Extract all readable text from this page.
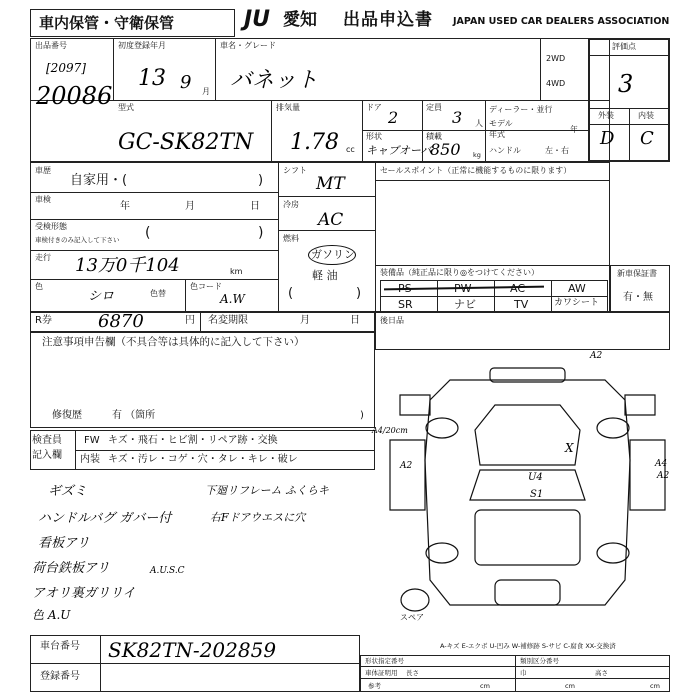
車内保管・守衛保管	JU 愛知 出品申込書 JAPAN USED CAR DEALERS ASSOCIATION
出品番号
[2097]
20086
初度登録年月
13 9 月
車名・グレード
バネット
2WD
4WD
評価点
3
外装	内装
D C
型式
GC-SK82TN
排気量
1.78 cc
ドア
2
定員
3 人
形状
キャブオーバ
積載
850 kg
ディーラー・並行
モデル
年式
年
ハンドル	左・右
車歴
自家用・(	)
車検
年	月	日
受検形態
車検付きのみ記入して下さい (	)
走行 13万0千104	km
色
シロ	色替
色コード
A.W
シフト
MT
冷房
AC
燃料
ガソリン
軽 油
(	)
セールスポイント（正常に機能するものに限ります）
装備品（純正品に限り◎をつけてください）
PS	PW	AC	AW
SR	ナビ	TV	カワシート
新車保証書
有・無
R券	6870	円 名変期限	月	日	後日品
注意事項申告欄（不具合等は具体的に記入して下さい）
修復歴	有 （箇所	)
検査員
記入欄
FW キズ・飛石・ヒビ割・リペア跡・交換
内装 キズ・汚レ・コゲ・穴・タレ・キレ・破レ
ギズミ
ハンドルバグ ガバー付
看板アリ
荷台鉄板アリ
アオリ裏ガリリイ
下廻リフレーム ふくらキ
右Fドアウエスに穴
A.U.S.C
色 A.U
A4/20cm
U4
S1
A2
A2	A4
A2
X
スペア
A-キズ E-エクボ U-凹み W-補修跡 S-サビ C-腐食 XX-交換済
車台番号 SK82TN-202859
登録番号
形状指定番号	類別区分番号
車体証明用 長さ
cm
巾
cm
高さ
cm
参考
